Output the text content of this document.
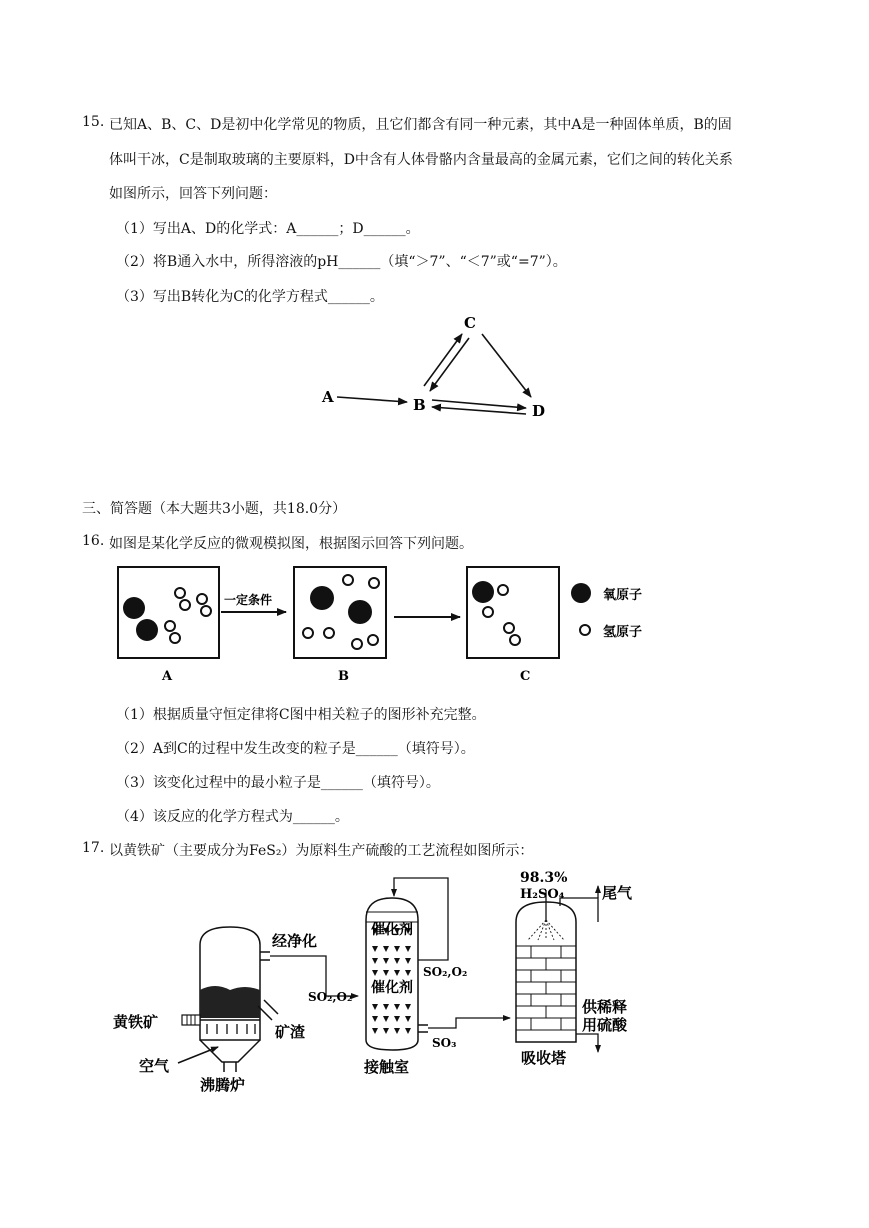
15. 已知A、B、C、D是初中化学常见的物质，且它们都含有同一种元素，其中A是一种固体单质，B的固
体叫干冰，C是制取玻璃的主要原料，D中含有人体骨骼内含量最高的金属元素，它们之间的转化关系
如图所示，回答下列问题：
（1）写出A、D的化学式：A______；D______。
（2）将B通入水中，所得溶液的pH______（填“＞7”、“＜7”或“=7”）。
（3）写出B转化为C的化学方程式______。
C
A	B	D
三、简答题（本大题共3小题，共18.0分）
16. 如图是某化学反应的微观模拟图，根据图示回答下列问题。
A
一定条件
B	C
氧原子
氢原子
（1）根据质量守恒定律将C图中相关粒子的图形补充完整。
（2）A到C的过程中发生改变的粒子是______（填符号）。
（3）该变化过程中的最小粒子是______（填符号）。
（4）该反应的化学方程式为______。
17. 以黄铁矿（主要成分为FeS₂）为原料生产硫酸的工艺流程如图所示：
黄铁矿
空气
矿渣
沸腾炉
经净化
SO₂,O₂
催化剂
催化剂
SO₂,O₂
接触室
SO₃
98.3%
H₂SO₄	尾气
供稀释
用硫酸
吸收塔
